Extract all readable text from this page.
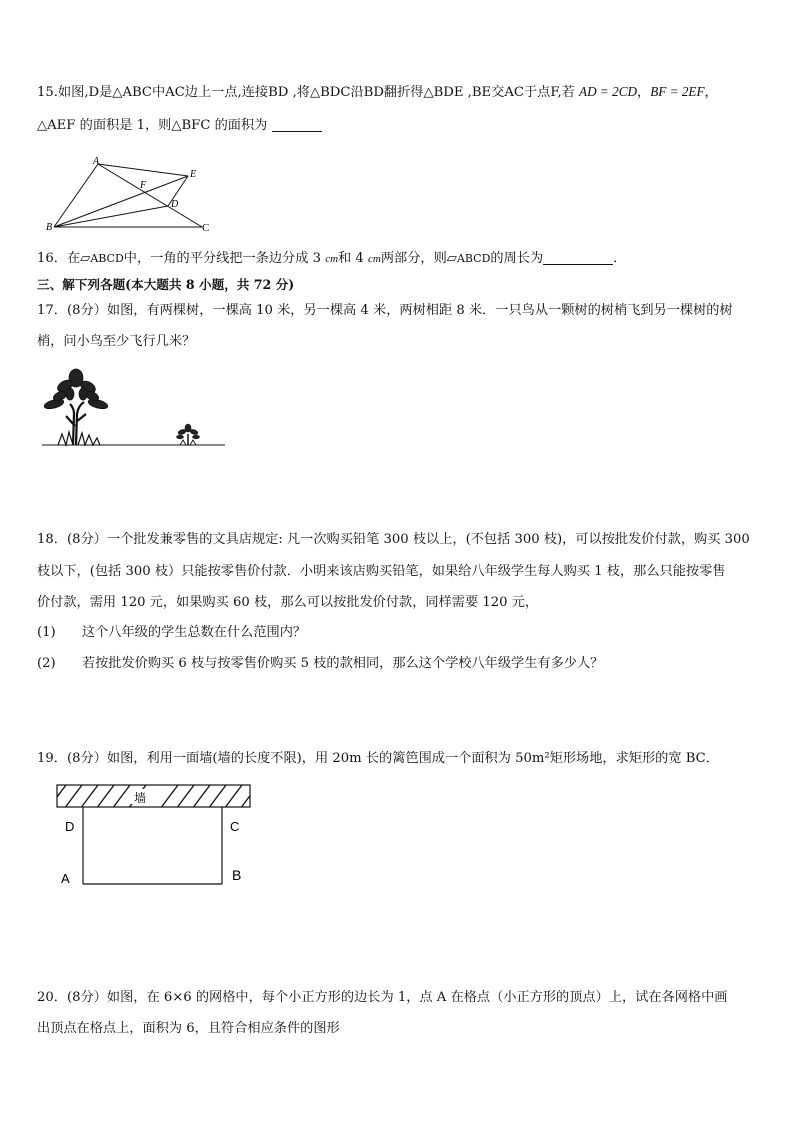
15.如图,D是△ABC中AC边上一点,连接BD ,将△BDC沿BD翻折得△BDE ,BE交AC于点F,若 AD = 2CD，BF = 2EF，
△AEF 的面积是 1，则△BFC 的面积为
A
E
F
D
B	C
16．在▱ABCD中，一角的平分线把一条边分成 3 cm和 4 cm两部分，则▱ABCD的周长为	．
三、解下列各题(本大题共 8 小题，共 72 分)
17．(8分）如图，有两棵树，一棵高 10 米，另一棵高 4 米，两树相距 8 米．一只鸟从一颗树的树梢飞到另一棵树的树
梢，问小鸟至少飞行几米？
18．(8分）一个批发兼零售的文具店规定: 凡一次购买铅笔 300 枝以上，(不包括 300 枝)，可以按批发价付款，购买 300
枝以下，(包括 300 枝）只能按零售价付款．小明来该店购买铅笔，如果给八年级学生每人购买 1 枝，那么只能按零售
价付款，需用 120 元，如果购买 60 枝，那么可以按批发价付款，同样需要 120 元，
(1) 这个八年级的学生总数在什么范围内？
(2) 若按批发价购买 6 枝与按零售价购买 5 枝的款相同，那么这个学校八年级学生有多少人？
19．(8分）如图，利用一面墙(墙的长度不限)，用 20m 长的篱笆围成一个面积为 50m²矩形场地，求矩形的宽 BC．
墙
D	C
A	B
20．(8分）如图，在 6×6 的网格中，每个小正方形的边长为 1，点 A 在格点（小正方形的顶点）上，试在各网格中画
出顶点在格点上，面积为 6，且符合相应条件的图形
